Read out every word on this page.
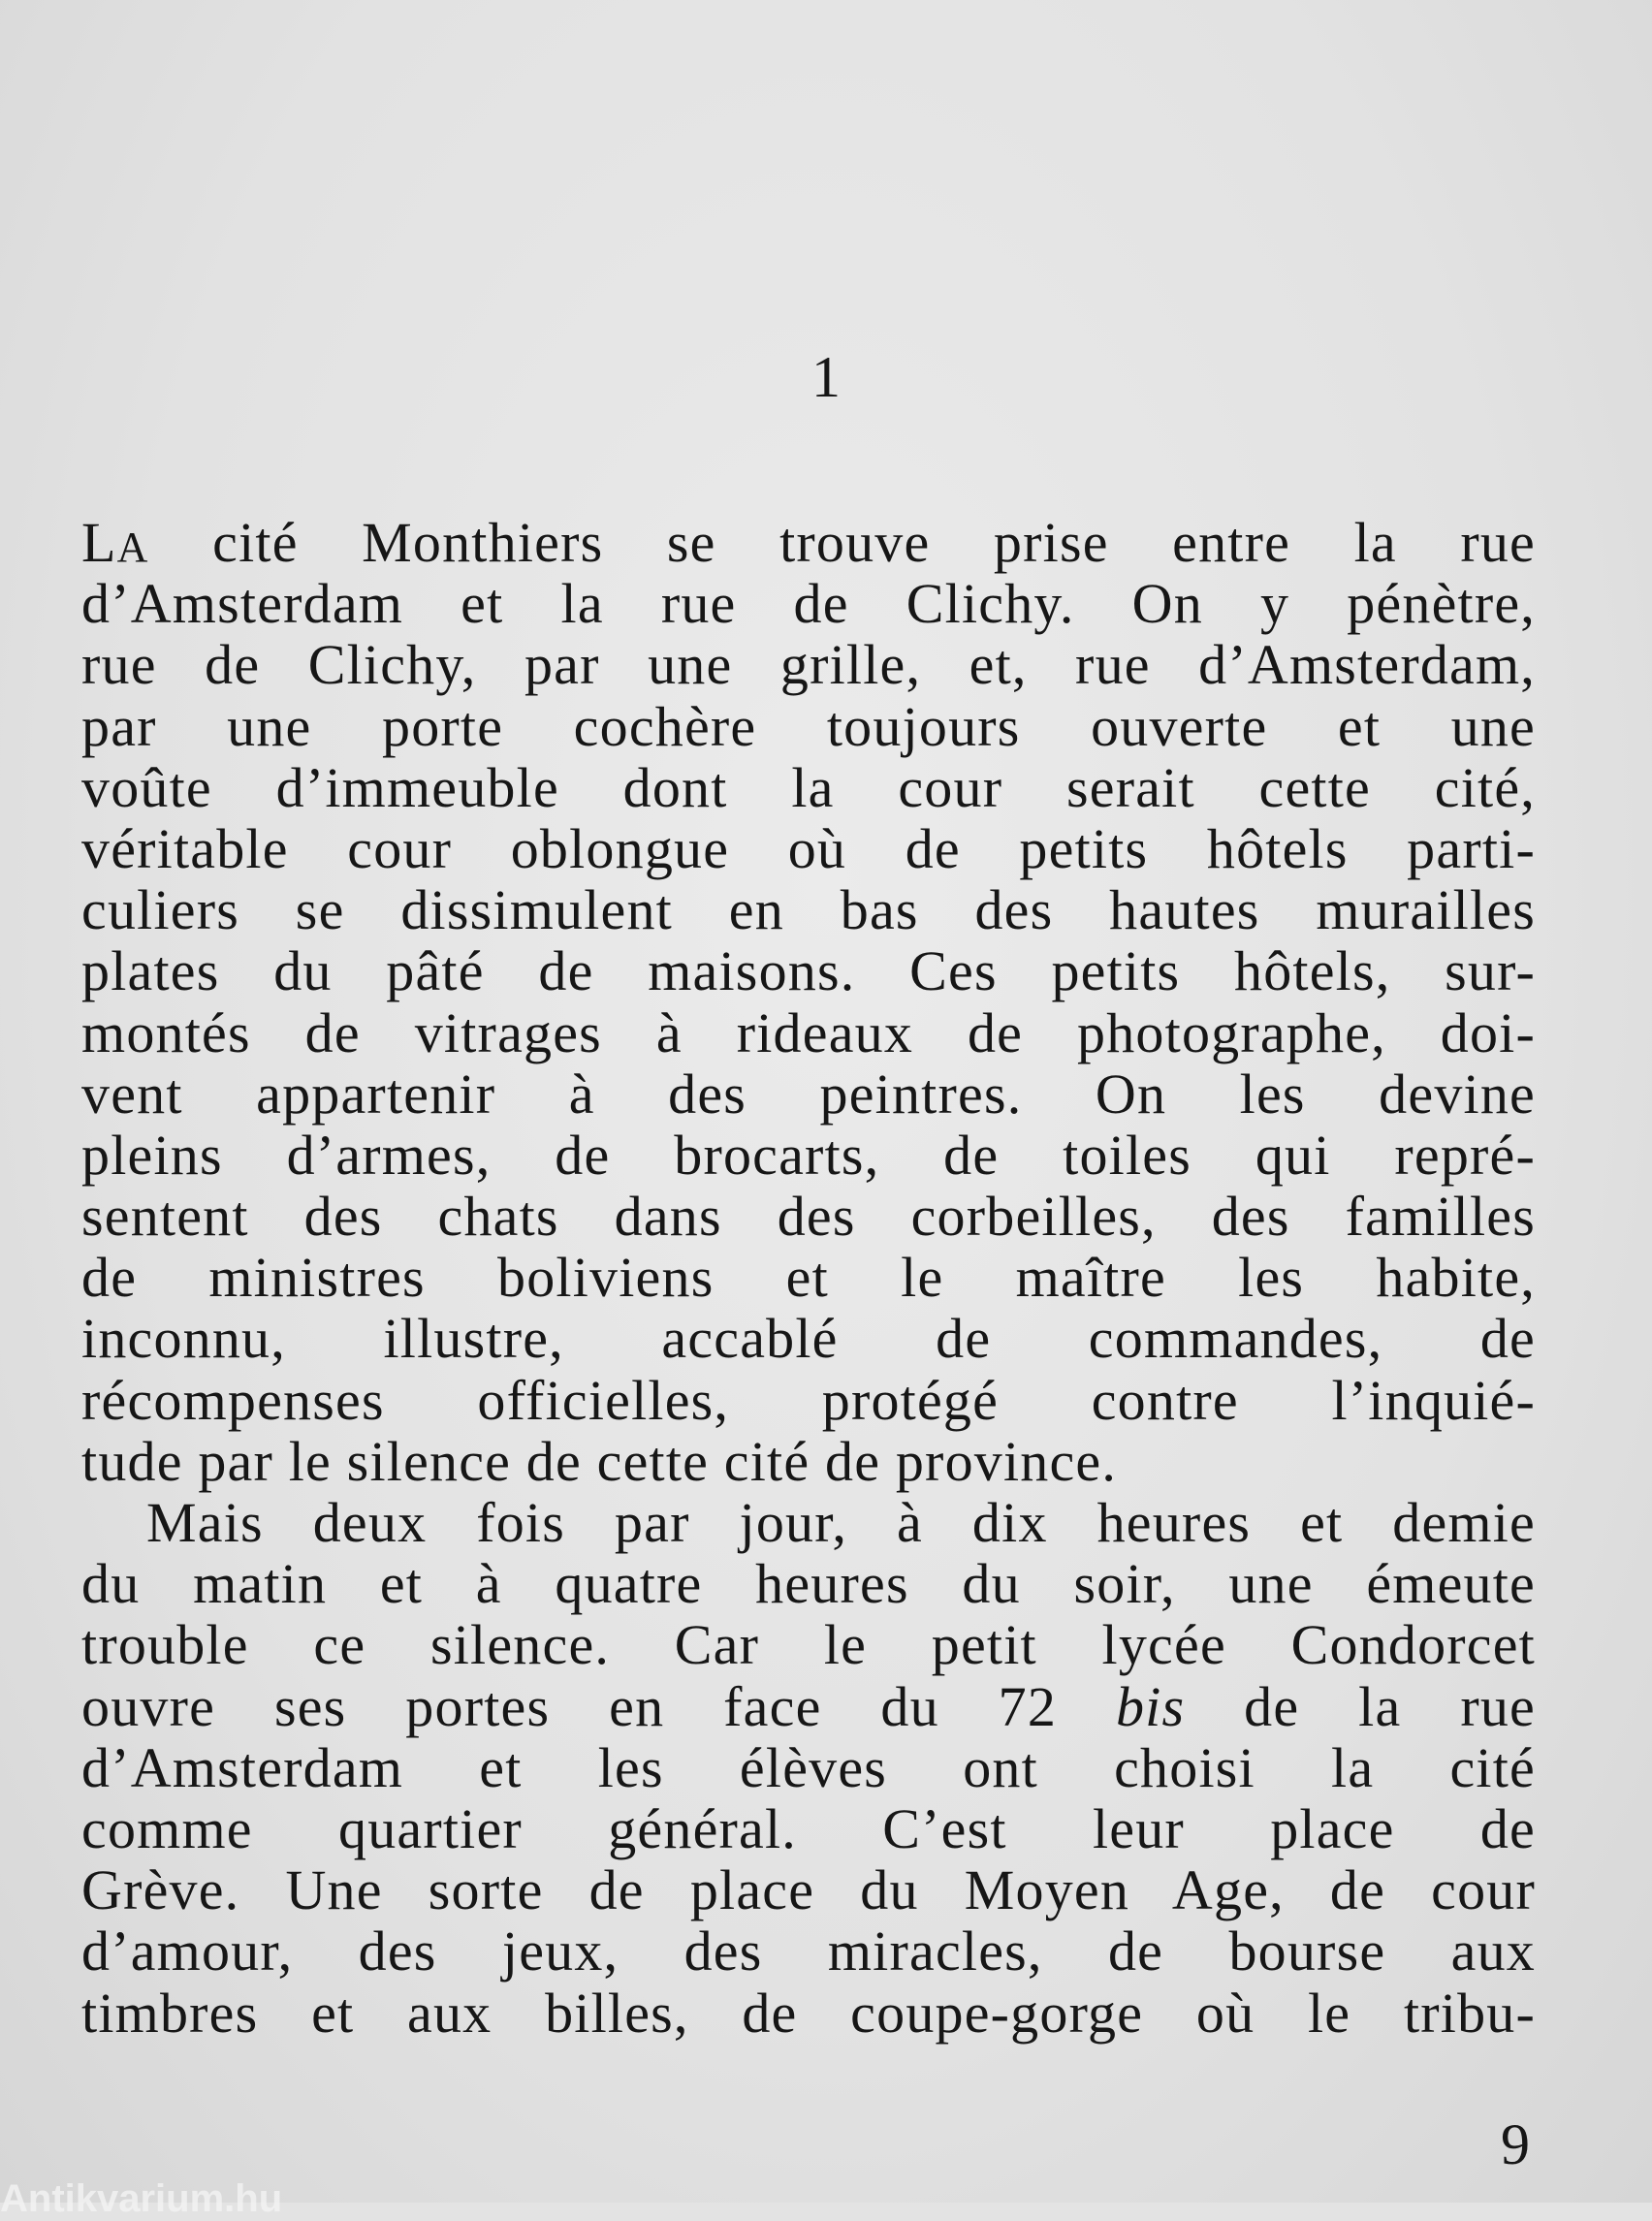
1
LA cité Monthiers se trouve prise entre la rue
d’Amsterdam et la rue de Clichy. On y pénètre,
rue de Clichy, par une grille, et, rue d’Amsterdam,
par une porte cochère toujours ouverte et une
voûte d’immeuble dont la cour serait cette cité,
véritable cour oblongue où de petits hôtels parti-
culiers se dissimulent en bas des hautes murailles
plates du pâté de maisons. Ces petits hôtels, sur-
montés de vitrages à rideaux de photographe, doi-
vent appartenir à des peintres. On les devine
pleins d’armes, de brocarts, de toiles qui repré-
sentent des chats dans des corbeilles, des familles
de ministres boliviens et le maître les habite,
inconnu, illustre, accablé de commandes, de
récompenses officielles, protégé contre l’inquié-
tude par le silence de cette cité de province.
Mais deux fois par jour, à dix heures et demie
du matin et à quatre heures du soir, une émeute
trouble ce silence. Car le petit lycée Condorcet
ouvre ses portes en face du 72 bis de la rue
d’Amsterdam et les élèves ont choisi la cité
comme quartier général. C’est leur place de
Grève. Une sorte de place du Moyen Age, de cour
d’amour, des jeux, des miracles, de bourse aux
timbres et aux billes, de coupe-gorge où le tribu-
9
Antikvarium.hu
